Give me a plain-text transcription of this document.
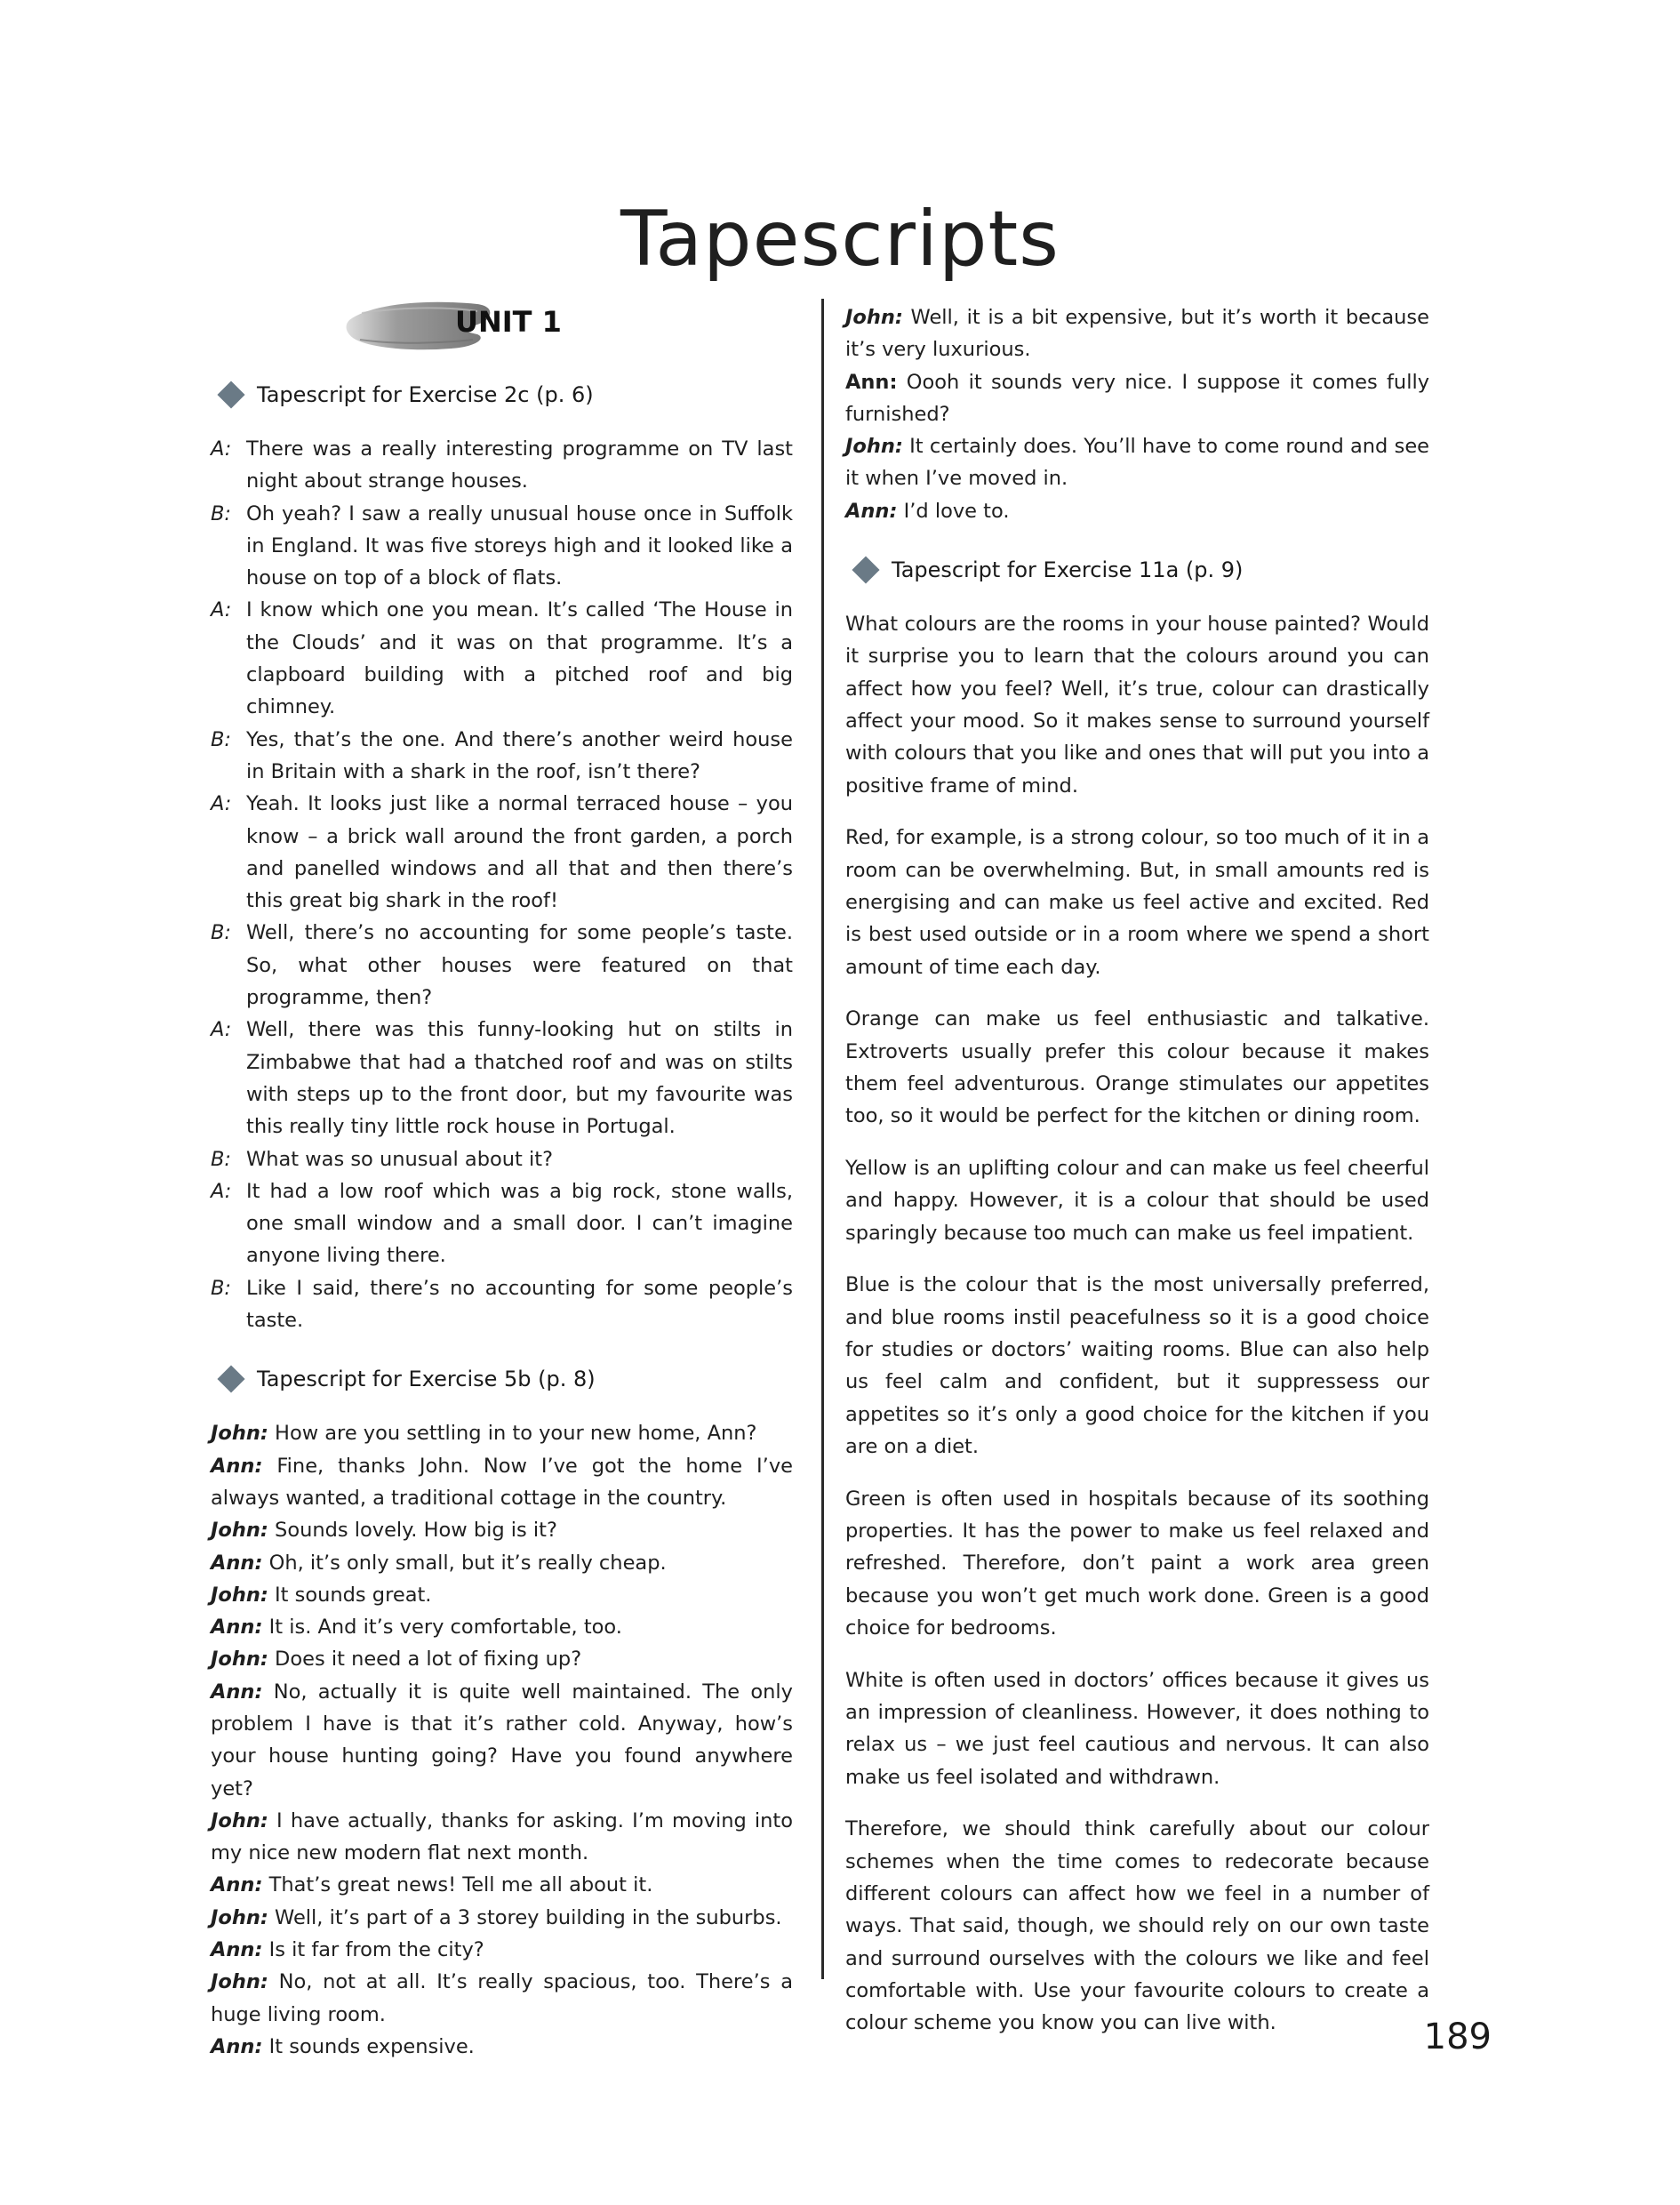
Tapescripts
UNIT 1
Tapescript for Exercise 2c (p. 6)
A: There was a really interesting programme on TV last night about strange houses.
B: Oh yeah? I saw a really unusual house once in Suffolk in England. It was five storeys high and it looked like a house on top of a block of flats.
A: I know which one you mean. It’s called ‘The House in the Clouds’ and it was on that programme. It’s a clapboard building with a pitched roof and big chimney.
B: Yes, that’s the one. And there’s another weird house in Britain with a shark in the roof, isn’t there?
A: Yeah. It looks just like a normal terraced house – you know – a brick wall around the front garden, a porch and panelled windows and all that and then there’s this great big shark in the roof!
B: Well, there’s no accounting for some people’s taste. So, what other houses were featured on that programme, then?
A: Well, there was this funny-looking hut on stilts in Zimbabwe that had a thatched roof and was on stilts with steps up to the front door, but my favourite was this really tiny little rock house in Portugal.
B: What was so unusual about it?
A: It had a low roof which was a big rock, stone walls, one small window and a small door. I can’t imagine anyone living there.
B: Like I said, there’s no accounting for some people’s taste.
Tapescript for Exercise 5b (p. 8)
John: How are you settling in to your new home, Ann?
Ann: Fine, thanks John. Now I’ve got the home I’ve always wanted, a traditional cottage in the country.
John: Sounds lovely. How big is it?
Ann: Oh, it’s only small, but it’s really cheap.
John: It sounds great.
Ann: It is. And it’s very comfortable, too.
John: Does it need a lot of fixing up?
Ann: No, actually it is quite well maintained. The only problem I have is that it’s rather cold. Anyway, how’s your house hunting going? Have you found anywhere yet?
John: I have actually, thanks for asking. I’m moving into my nice new modern flat next month.
Ann: That’s great news! Tell me all about it.
John: Well, it’s part of a 3 storey building in the suburbs.
Ann: Is it far from the city?
John: No, not at all. It’s really spacious, too. There’s a huge living room.
Ann: It sounds expensive.
John: Well, it is a bit expensive, but it’s worth it because it’s very luxurious.
Ann: Oooh it sounds very nice. I suppose it comes fully furnished?
John: It certainly does. You’ll have to come round and see it when I’ve moved in.
Ann: I’d love to.
Tapescript for Exercise 11a (p. 9)

What colours are the rooms in your house painted? Would it surprise you to learn that the colours around you can affect how you feel? Well, it’s true, colour can drastically affect your mood. So it makes sense to surround yourself with colours that you like and ones that will put you into a positive frame of mind.

Red, for example, is a strong colour, so too much of it in a room can be overwhelming. But, in small amounts red is energising and can make us feel active and excited. Red is best used outside or in a room where we spend a short amount of time each day.

Orange can make us feel enthusiastic and talkative. Extroverts usually prefer this colour because it makes them feel adventurous. Orange stimulates our appetites too, so it would be perfect for the kitchen or dining room.

Yellow is an uplifting colour and can make us feel cheerful and happy. However, it is a colour that should be used sparingly because too much can make us feel impatient.

Blue is the colour that is the most universally preferred, and blue rooms instil peacefulness so it is a good choice for studies or doctors’ waiting rooms. Blue can also help us feel calm and confident, but it suppressess our appetites so it’s only a good choice for the kitchen if you are on a diet.

Green is often used in hospitals because of its soothing properties. It has the power to make us feel relaxed and refreshed. Therefore, don’t paint a work area green because you won’t get much work done. Green is a good choice for bedrooms.

White is often used in doctors’ offices because it gives us an impression of cleanliness. However, it does nothing to relax us – we just feel cautious and nervous. It can also make us feel isolated and withdrawn.

Therefore, we should think carefully about our colour schemes when the time comes to redecorate because different colours can affect how we feel in a number of ways. That said, though, we should rely on our own taste and surround ourselves with the colours we like and feel comfortable with. Use your favourite colours to create a colour scheme you know you can live with.	189
